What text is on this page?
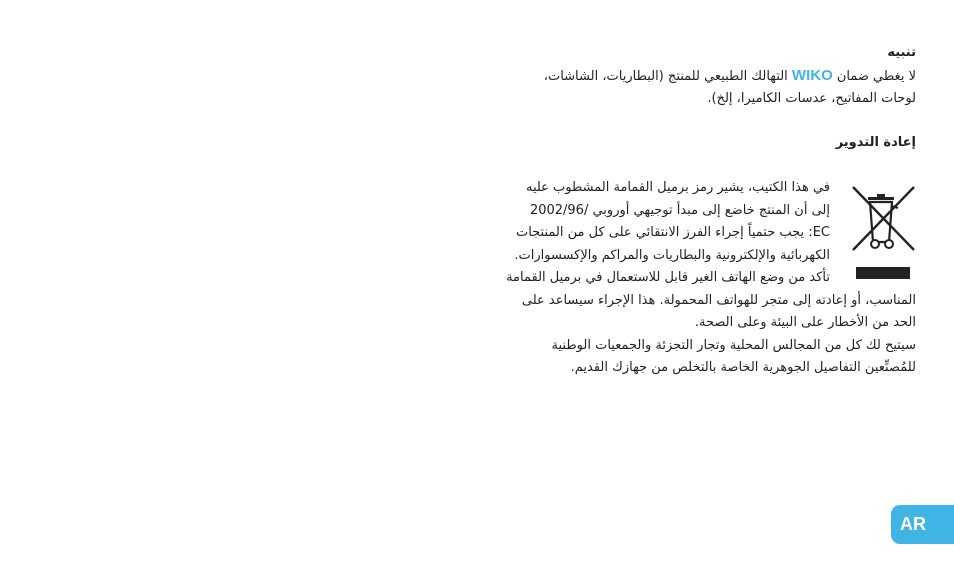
تنبيه
لا يغطي ضمان WIKO التهالك الطبيعي للمنتج (البطاريات، الشاشات،
لوحات المفاتيح، عدسات الكاميرا، إلخ).
إعادة التدوير
في هذا الكتيب، يشير رمز برميل القمامة المشطوب عليه
إلى أن المنتج خاضع إلى مبدأ توجيهي أوروبي /2002/96
EC: يجب حتمياً إجراء الفرز الانتقائي على كل من المنتجات
الكهربائية والإلكترونية والبطاريات والمراكم والإكسسوارات.
تأكد من وضع الهاتف الغير قابل للاستعمال في برميل القمامة
المناسب، أو إعادته إلى متجر للهواتف المحمولة. هذا الإجراء سيساعد على
الحد من الأخطار على البيئة وعلى الصحة.
سيتيح لك كل من المجالس المحلية وتجار التجزئة والجمعيات الوطنية
للمُصنِّعين التفاصيل الجوهرية الخاصة بالتخلص من جهازك القديم.
AR
